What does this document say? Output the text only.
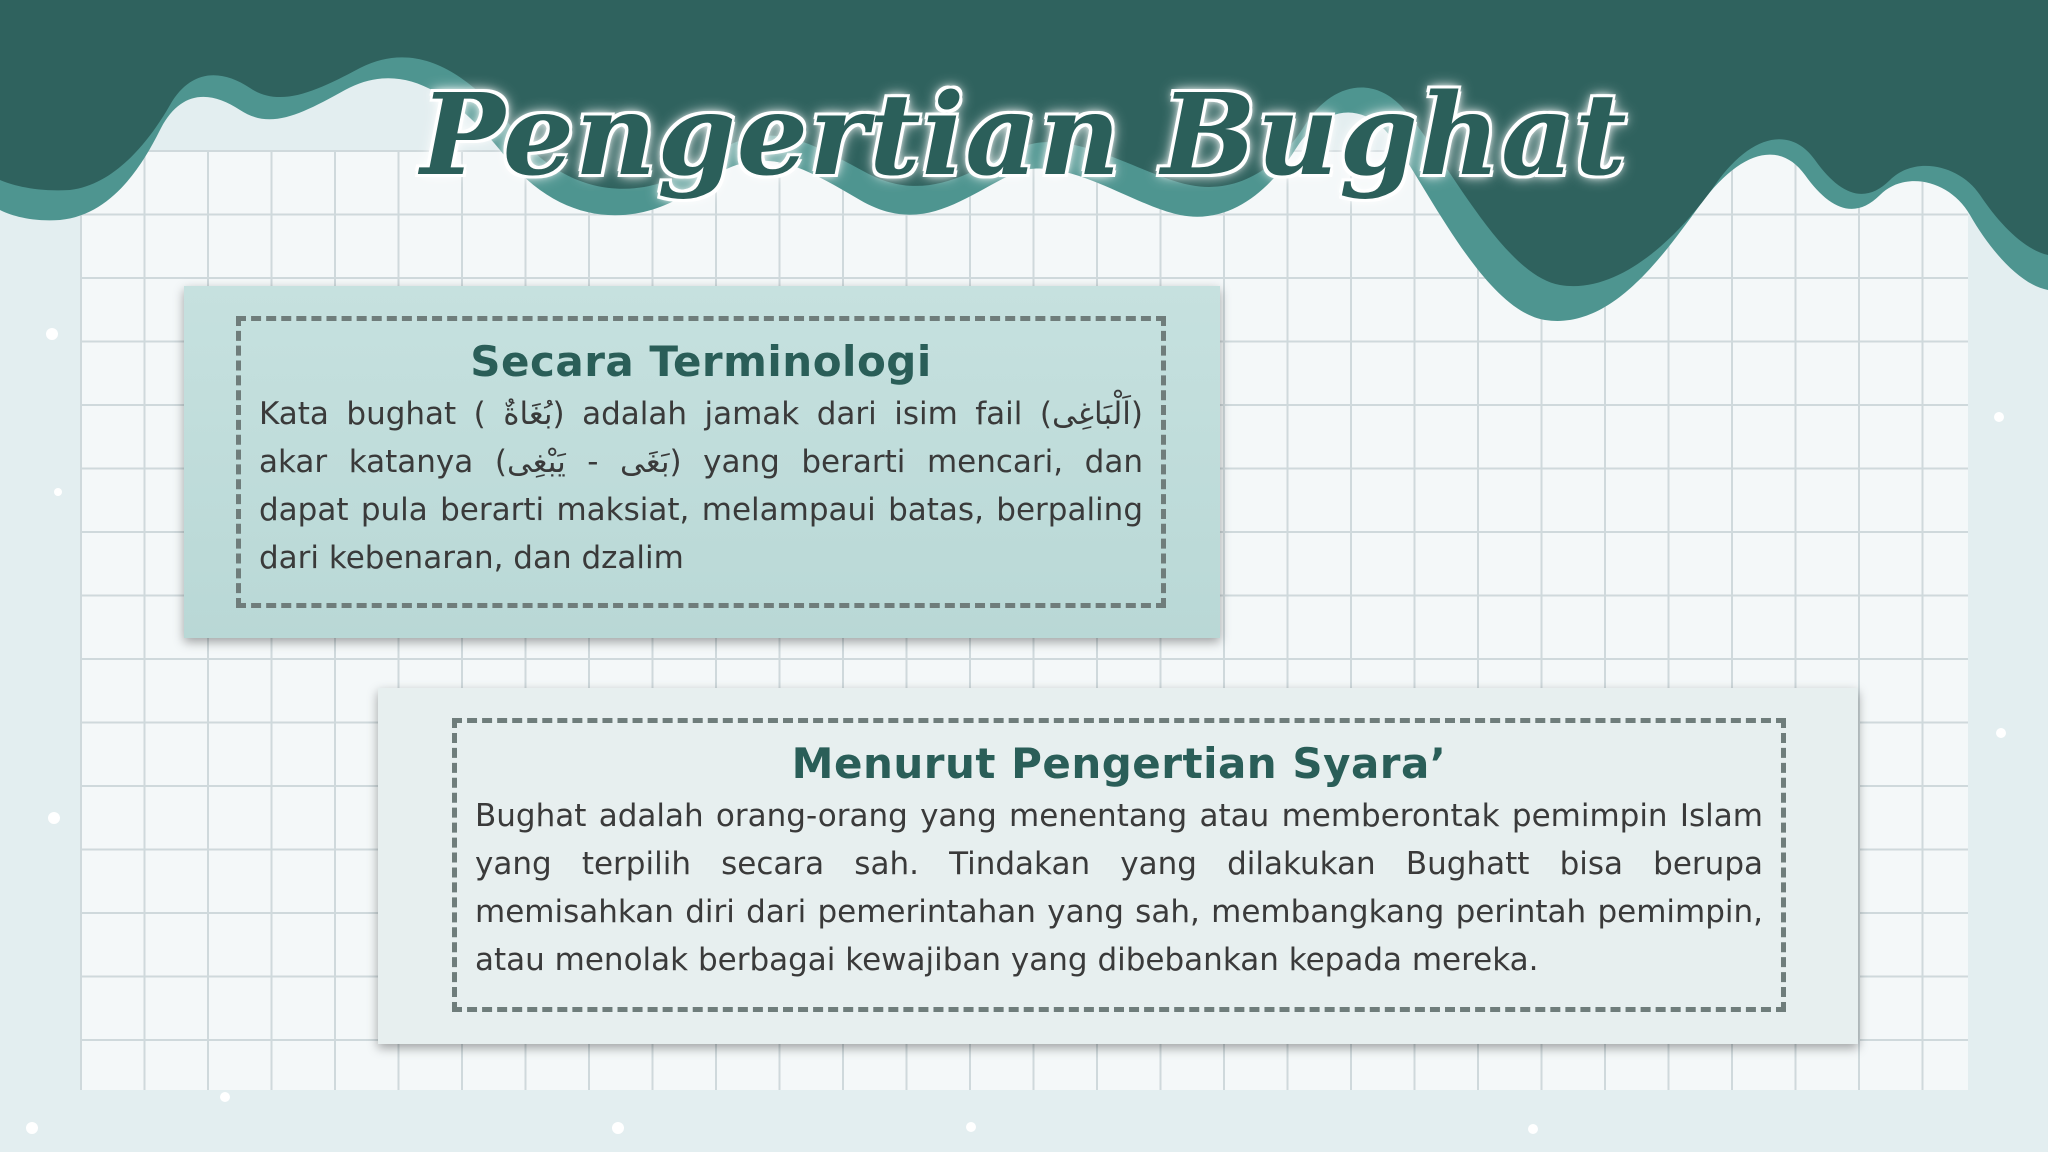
Pengertian Bughat
Secara Terminologi
Kata bughat ( بُغَاةٌ) adalah jamak dari isim fail (اَلْبَاغِى) akar katanya (بَغَى - يَبْغِى) yang berarti mencari, dan dapat pula berarti maksiat, melampaui batas, berpaling dari kebenaran, dan dzalim
Menurut Pengertian Syara’
Bughat adalah orang-orang yang menentang atau memberontak pemimpin Islam yang terpilih secara sah. Tindakan yang dilakukan Bughatt bisa berupa memisahkan diri dari pemerintahan yang sah, membangkang perintah pemimpin, atau menolak berbagai kewajiban yang dibebankan kepada mereka.
